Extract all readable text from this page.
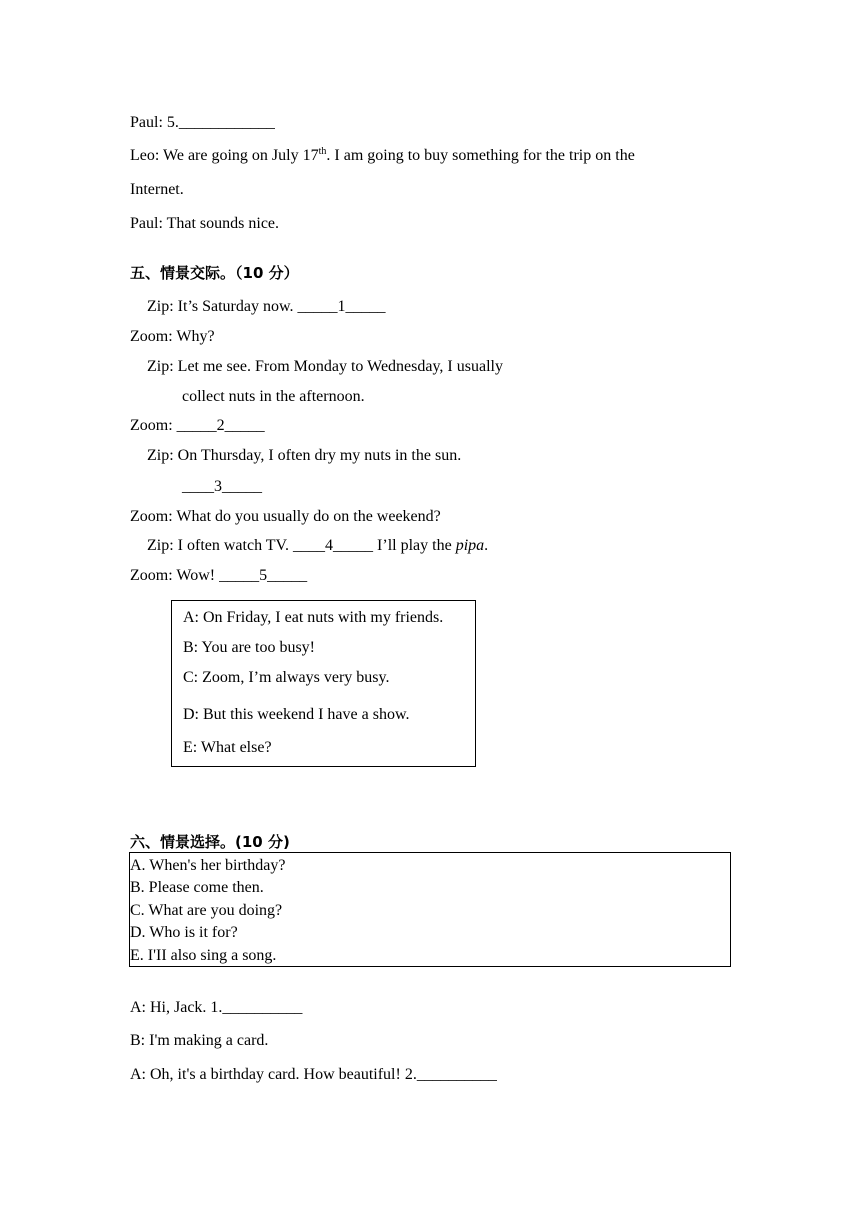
Paul: 5.____________
Leo: We are going on July 17th. I am going to buy something for the trip on the
Internet.
Paul: That sounds nice.
五、情景交际。（10 分）
Zip: It’s Saturday now. _____1_____
Zoom: Why?
Zip: Let me see. From Monday to Wednesday, I usually
collect nuts in the afternoon.
Zoom: _____2_____
Zip: On Thursday, I often dry my nuts in the sun.
____3_____
Zoom: What do you usually do on the weekend?
Zip: I often watch TV. ____4_____ I’ll play the pipa.
Zoom: Wow! _____5_____
A: On Friday, I eat nuts with my friends.
B: You are too busy!
C: Zoom, I’m always very busy.
D: But this weekend I have a show.
E: What else?
六、情景选择。(10 分)
A. When's her birthday?
B. Please come then.
C. What are you doing?
D. Who is it for?
E. I'II also sing a song.
A: Hi, Jack. 1.__________
B: I'm making a card.
A: Oh, it's a birthday card. How beautiful! 2.__________
